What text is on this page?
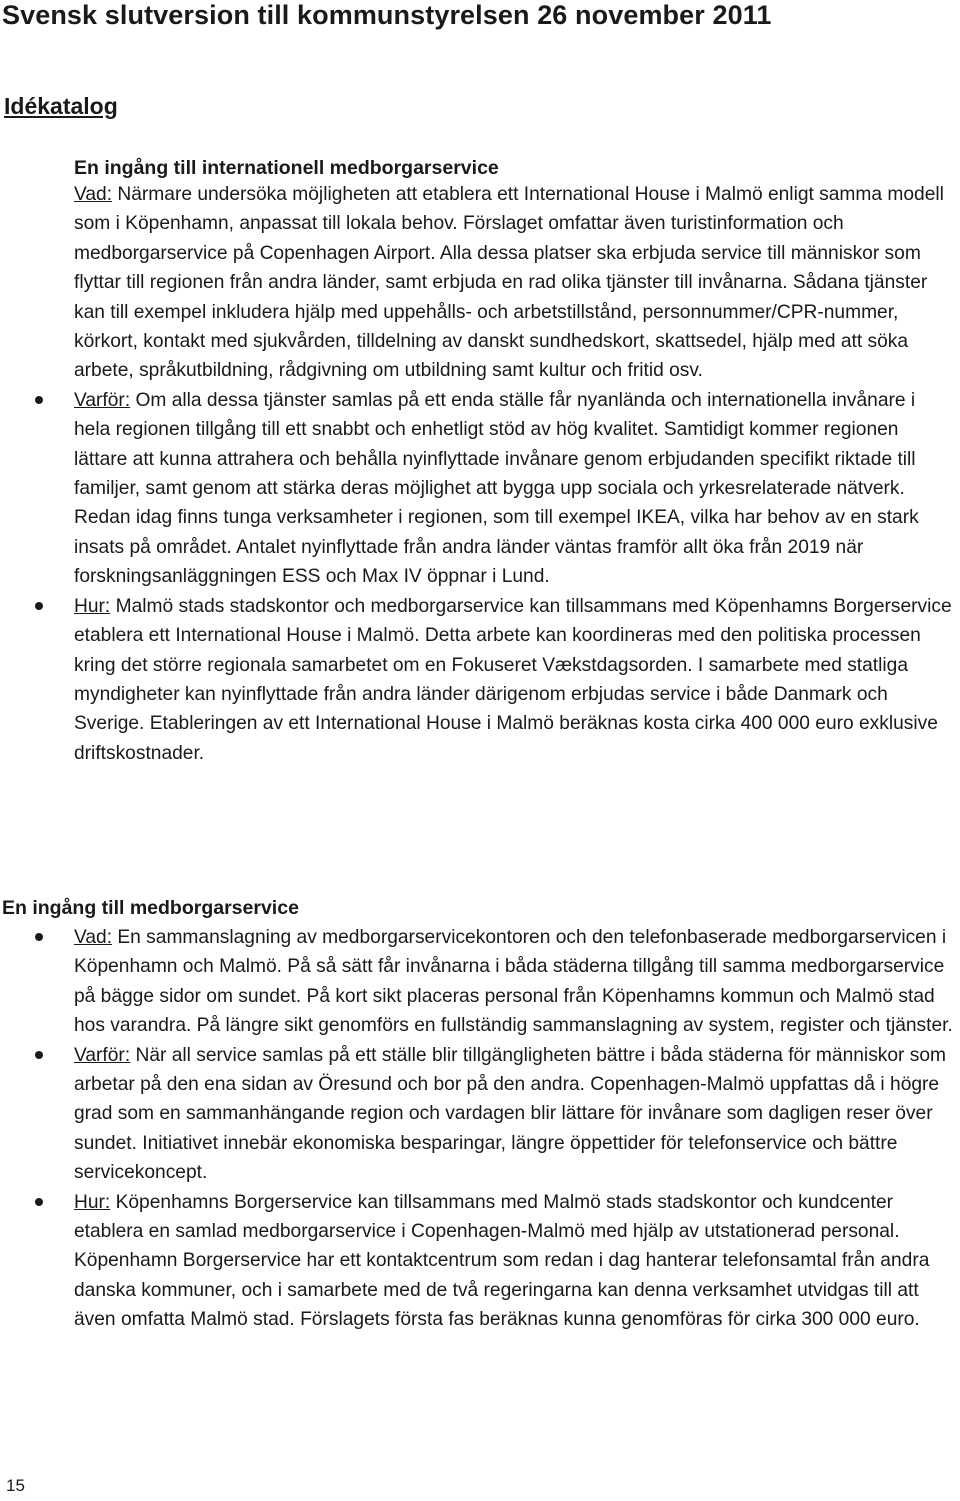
Svensk slutversion till kommunstyrelsen 26 november 2011
Idékatalog
En ingång till internationell medborgarservice

Vad: Närmare undersöka möjligheten att etablera ett International House i Malmö enligt samma modell som i Köpenhamn, anpassat till lokala behov. Förslaget omfattar även turistinformation och medborgarservice på Copenhagen Airport. Alla dessa platser ska erbjuda service till människor som flyttar till regionen från andra länder, samt erbjuda en rad olika tjänster till invånarna. Sådana tjänster kan till exempel inkludera hjälp med uppehålls- och arbetstillstånd, personnummer/CPR-nummer, körkort, kontakt med sjukvården, tilldelning av danskt sundhedskort, skattsedel, hjälp med att söka arbete, språkutbildning, rådgivning om utbildning samt kultur och fritid osv.

Varför: Om alla dessa tjänster samlas på ett enda ställe får nyanlända och internationella invånare i hela regionen tillgång till ett snabbt och enhetligt stöd av hög kvalitet. Samtidigt kommer regionen lättare att kunna attrahera och behålla nyinflyttade invånare genom erbjudanden specifikt riktade till familjer, samt genom att stärka deras möjlighet att bygga upp sociala och yrkesrelaterade nätverk. Redan idag finns tunga verksamheter i regionen, som till exempel IKEA, vilka har behov av en stark insats på området. Antalet nyinflyttade från andra länder väntas framför allt öka från 2019 när forskningsanläggningen ESS och Max IV öppnar i Lund.

Hur: Malmö stads stadskontor och medborgarservice kan tillsammans med Köpenhamns Borgerservice etablera ett International House i Malmö. Detta arbete kan koordineras med den politiska processen kring det större regionala samarbetet om en Fokuseret Vækstdagsorden. I samarbete med statliga myndigheter kan nyinflyttade från andra länder därigenom erbjudas service i både Danmark och Sverige. Etableringen av ett International House i Malmö beräknas kosta cirka 400 000 euro exklusive driftskostnader.

En ingång till medborgarservice

Vad: En sammanslagning av medborgarservicekontoren och den telefonbaserade medborgarservicen i Köpenhamn och Malmö. På så sätt får invånarna i båda städerna tillgång till samma medborgarservice på bägge sidor om sundet. På kort sikt placeras personal från Köpenhamns kommun och Malmö stad hos varandra. På längre sikt genomförs en fullständig sammanslagning av system, register och tjänster.

Varför: När all service samlas på ett ställe blir tillgängligheten bättre i båda städerna för människor som arbetar på den ena sidan av Öresund och bor på den andra. Copenhagen-Malmö uppfattas då i högre grad som en sammanhängande region och vardagen blir lättare för invånare som dagligen reser över sundet. Initiativet innebär ekonomiska besparingar, längre öppettider för telefonservice och bättre servicekoncept.

Hur: Köpenhamns Borgerservice kan tillsammans med Malmö stads stadskontor och kundcenter etablera en samlad medborgarservice i Copenhagen-Malmö med hjälp av utstationerad personal. Köpenhamn Borgerservice har ett kontaktcentrum som redan i dag hanterar telefonsamtal från andra danska kommuner, och i samarbete med de två regeringarna kan denna verksamhet utvidgas till att även omfatta Malmö stad. Förslagets första fas beräknas kunna genomföras för cirka 300 000 euro.

15
